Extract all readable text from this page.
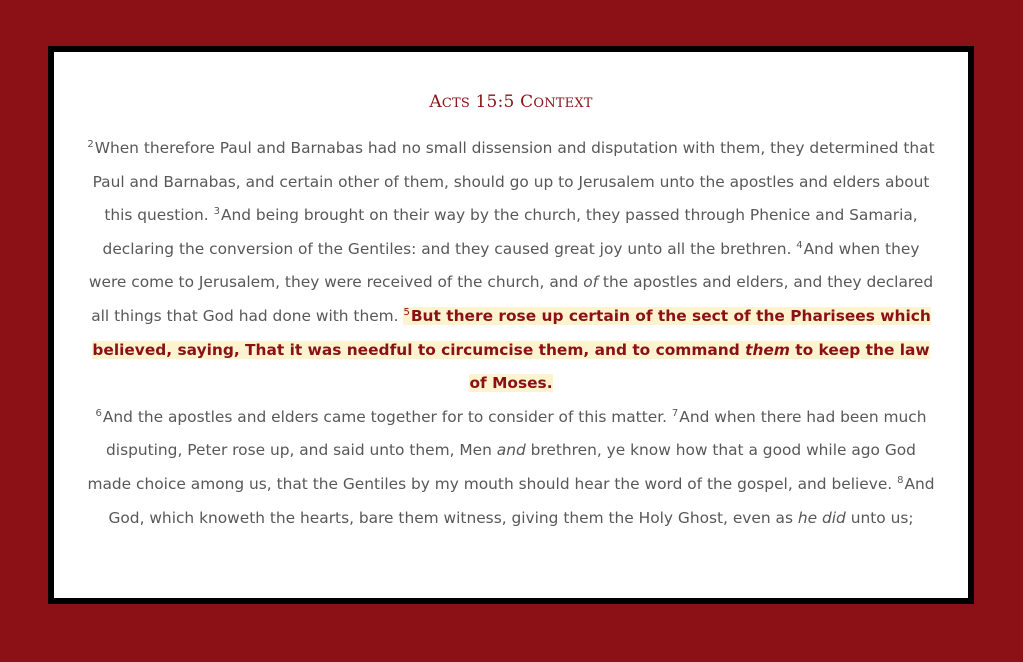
ACTS 15:5 CONTEXT
$^2$When therefore Paul and Barnabas had no small dissension and disputation with them, they determined that Paul and Barnabas, and certain other of them, should go up to Jerusalem unto the apostles and elders about this question. $^3$And being brought on their way by the church, they passed through Phenice and Samaria, declaring the conversion of the Gentiles: and they caused great joy unto all the brethren. $^4$And when they were come to Jerusalem, they were received of the church, and of the apostles and elders, and they declared all things that God had done with them. $^5$But there rose up certain of the sect of the Pharisees which believed, saying, That it was needful to circumcise them, and to command them to keep the law of Moses.
$^6$And the apostles and elders came together for to consider of this matter. $^7$And when there had been much disputing, Peter rose up, and said unto them, Men and brethren, ye know how that a good while ago God made choice among us, that the Gentiles by my mouth should hear the word of the gospel, and believe. $^8$And God, which knoweth the hearts, bare them witness, giving them the Holy Ghost, even as he did unto us;
